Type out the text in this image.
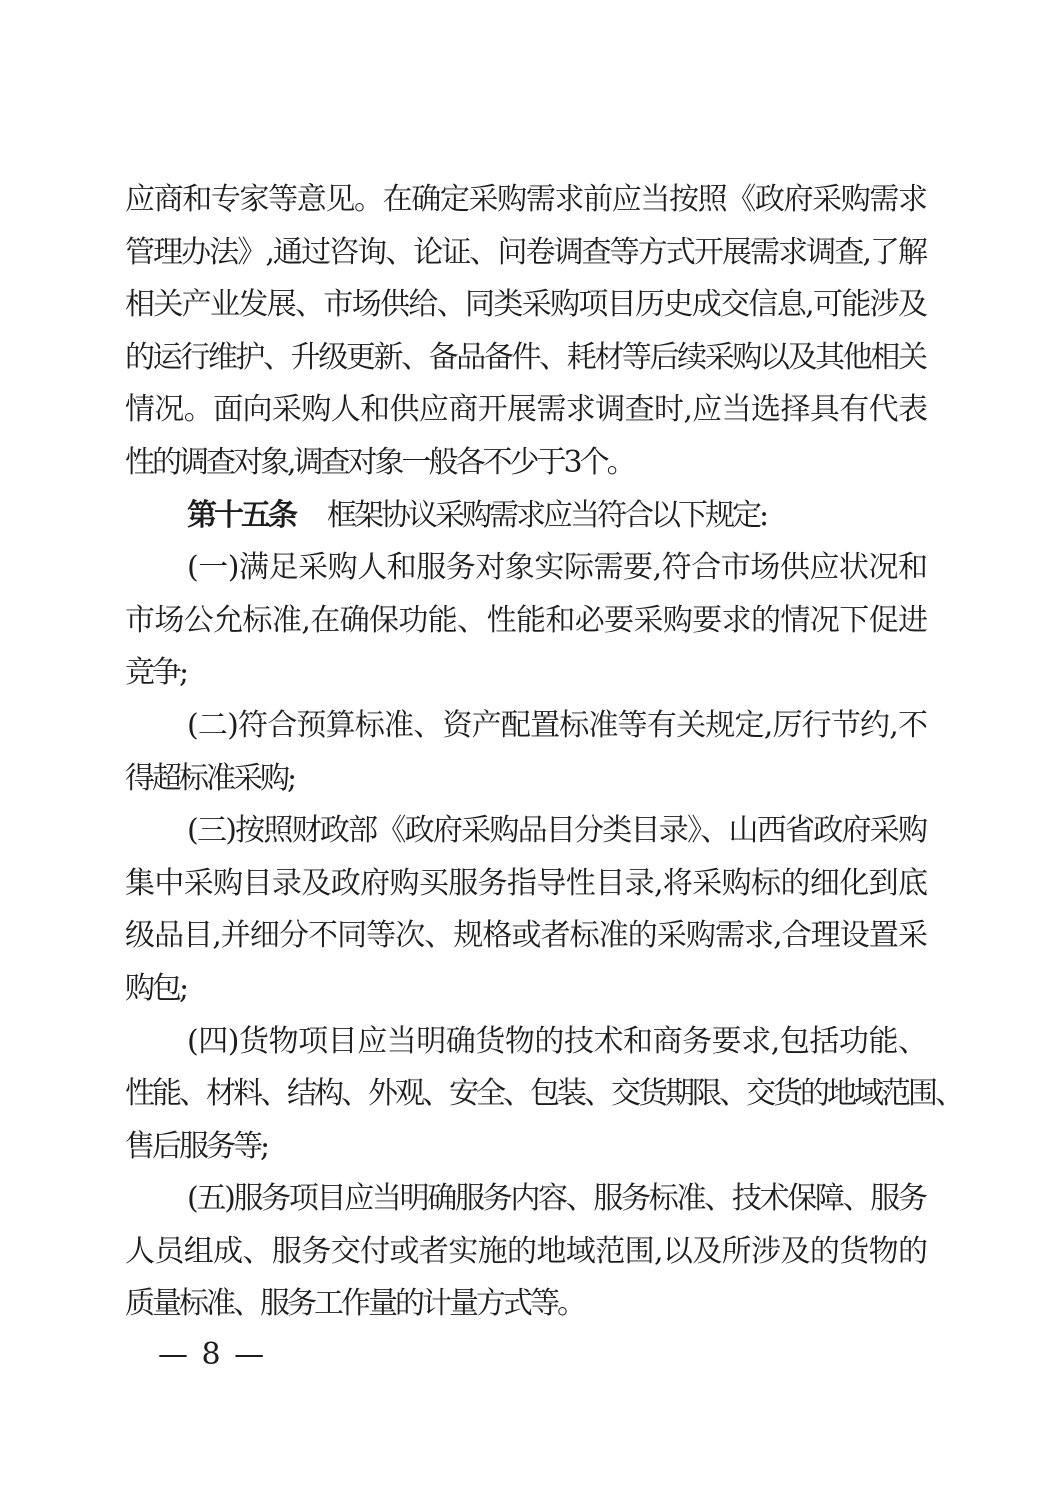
应商和专家等意见。在确定采购需求前应当按照《政府采购需求
管理办法》,通过咨询、论证、问卷调查等方式开展需求调查,了解
相关产业发展、市场供给、同类采购项目历史成交信息,可能涉及
的运行维护、升级更新、备品备件、耗材等后续采购以及其他相关
情况。面向采购人和供应商开展需求调查时,应当选择具有代表
性的调查对象,调查对象一般各不少于3个。
第十五条 框架协议采购需求应当符合以下规定:
(一)满足采购人和服务对象实际需要,符合市场供应状况和
市场公允标准,在确保功能、性能和必要采购要求的情况下促进
竞争;
(二)符合预算标准、资产配置标准等有关规定,厉行节约,不
得超标准采购;
(三)按照财政部《政府采购品目分类目录》、山西省政府采购
集中采购目录及政府购买服务指导性目录,将采购标的细化到底
级品目,并细分不同等次、规格或者标准的采购需求,合理设置采
购包;
(四)货物项目应当明确货物的技术和商务要求,包括功能、
性能、材料、结构、外观、安全、包装、交货期限、交货的地域范围、
售后服务等;
(五)服务项目应当明确服务内容、服务标准、技术保障、服务
人员组成、服务交付或者实施的地域范围,以及所涉及的货物的
质量标准、服务工作量的计量方式等。
— 8 —
